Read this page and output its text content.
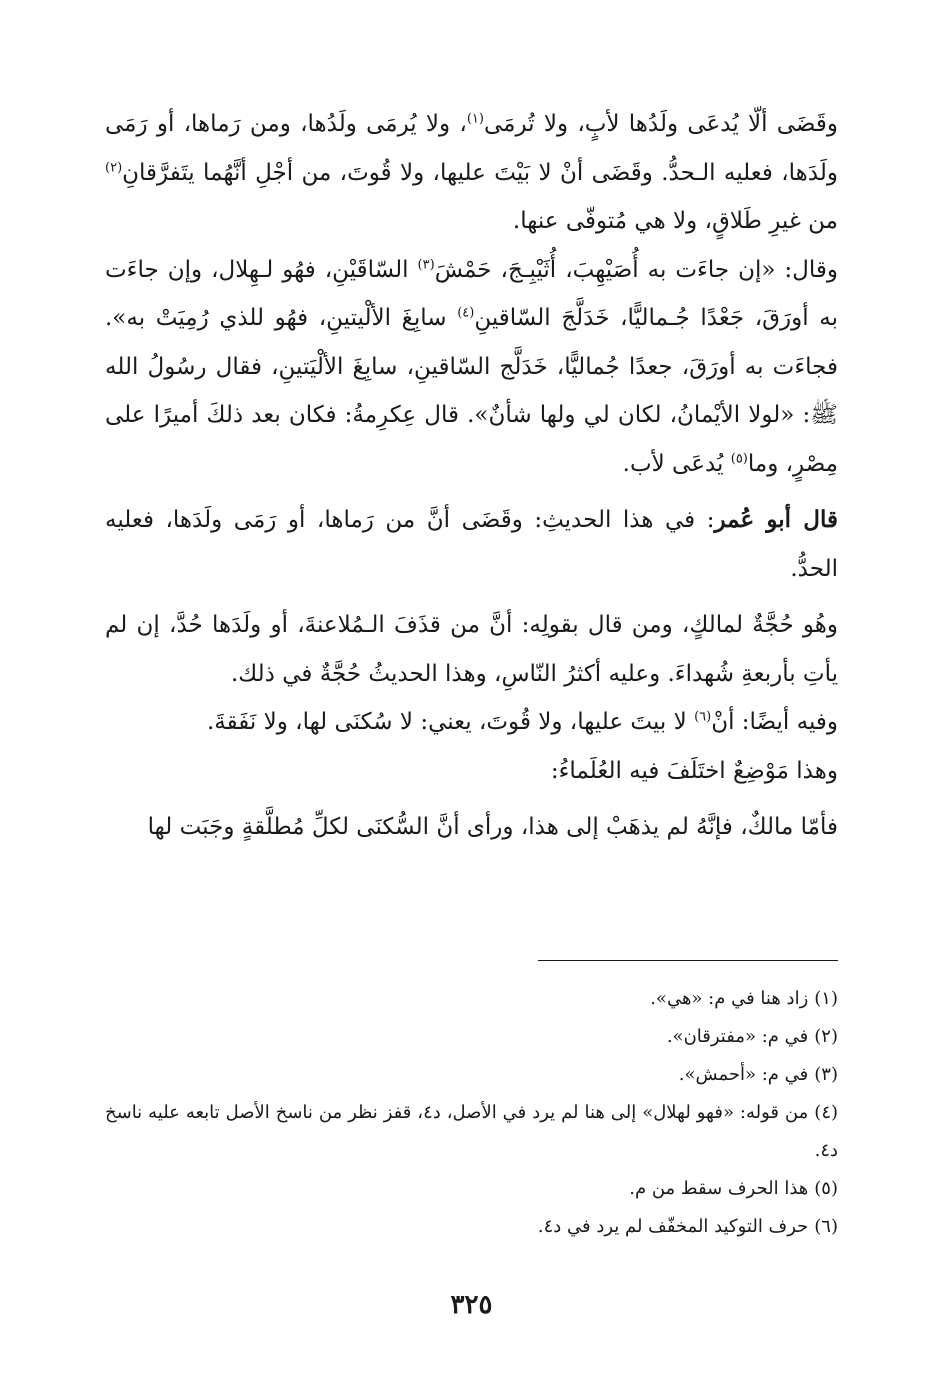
وقَضَى ألّا يُدعَى ولَدُها لأبٍ، ولا تُرمَى$^{(١)}$، ولا يُرمَى ولَدُها، ومن رَماها، أو رَمَى ولَدَها، فعليه الـحدُّ. وقَضَى أنْ لا بَيْتَ عليها، ولا قُوتَ، من أجْلِ أنَّهُما يتَفرَّقانِ$^{(٢)}$ من غيرِ طَلاقٍ، ولا هي مُتوفّى عنها.

وقال: «إن جاءَت به أُصَيْهِبَ، أُثَيْبِـجَ، حَمْشَ$^{(٣)}$ السّاقَيْنِ، فهُو لـهِلال، وإن جاءَت به أورَقَ، جَعْدًا جُـماليًّا، خَدَلَّجَ السّاقينِ$^{(٤)}$ سابِغَ الألْيتينِ، فهُو للذي رُمِيَتْ به». فجاءَت به أورَقَ، جعدًا جُماليًّا، خَدَلَّج السّاقينِ، سابِغَ الألْيَتينِ، فقال رسُولُ الله ﷺ: «لولا الأيْمانُ، لكان لي ولها شأنٌ». قال عِكرِمةُ: فكان بعد ذلكَ أميرًا على مِصْرٍ، وما$^{(٥)}$ يُدعَى لأب.

قال أبو عُمر: في هذا الحديثِ: وقَضَى أنَّ من رَماها، أو رَمَى ولَدَها، فعليه الحدُّ.

وهُو حُجَّةٌ لمالكٍ، ومن قال بقولِه: أنَّ من قذَفَ الـمُلاعنةَ، أو ولَدَها حُدَّ، إن لم يأتِ بأربعةِ شُهداءَ. وعليه أكثرُ النّاسِ، وهذا الحديثُ حُجَّةٌ في ذلك.

وفيه أيضًا: أنْ$^{(٦)}$ لا بيتَ عليها، ولا قُوتَ، يعني: لا سُكنَى لها، ولا نَفَقةَ.

وهذا مَوْضِعٌ اختَلَفَ فيه العُلَماءُ:

فأمّا مالكٌ، فإنَّهُ لم يذهَبْ إلى هذا، ورأى أنَّ السُّكنَى لكلِّ مُطلَّقةٍ وجَبَت لها

(١)زاد هنا في م: «هي».

(٢)في م: «مفترقان».

(٣)في م: «أحمش».

(٤)من قوله: «فهو لهلال» إلى هنا لم يرد في الأصل، د٤، قفز نظر من ناسخ الأصل تابعه عليه ناسخ د٤.

(٥)هذا الحرف سقط من م.

(٦)حرف التوكيد المخفّف لم يرد في د٤.

٣٢٥
